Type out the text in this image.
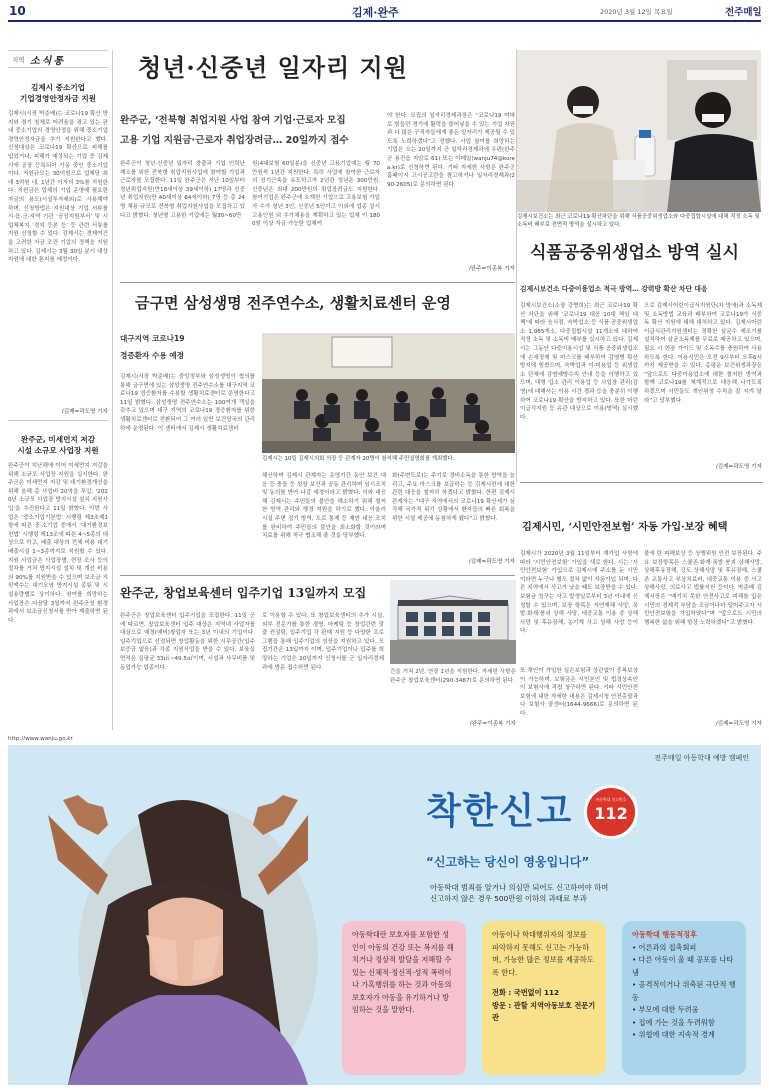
10	김제·완주	2020년 3월 12일 목요일	전주매일
지역 소식통
김제시 중소기업
기업경영안정자금 지원
김제시(시장 박준배)는 코로나19 확산 방지와 경기 침체로 어려움을 겪고 있는 관내 중소기업의 경영안정을 위해 중소기업 경영안정자금을 추가 지원한다고 했다. 신청대상은 코로나19 확산으로 피해를 입었거나, 피해가 예상되는 기업 중 김제시에 공장 등록되어 가동 중인 중소기업이다. 지원규모는 30억원으로 업체당 최대 3억원 내, 1년간 이자의 3%를 지원한다. 지원금은 업체의 기업 운영에 필요한 자금의 용도(시설투자제외)로 사용해야 하며, 신청방법은 지원대상 기업 서류를 시·읍·군·지역 기관 ‘공장지원부서’ 및 시업체복지 ‘경지 등본 등’ 등 관련 서류를 지원 신청할 수 있다. 김제시는 경제여건을 고려한 자금 조건 기업의 정책을 지원하고 있다. 김제시는 3월 30일 분기 대상 지원에 대한 통지를 예정이다.
/김제=곽도영 기자
완주군, 미세먼지 저감
시설 소규모 사업장 지원
완주군이 지난해에 이어 미세먼지 저감을 위해 소규모 사업장 지원을 실시한다. 완주군은 미세먼지 저감 및 대기환경개선을 위해 올해 총 사업비 20억을 투입, ‘2020년 소규모 사업장 방지시설 설치 지원사업’을 추진한다고 11일 밝혔다. 이번 사업은 ‘중소기업기본법’ 시행령 제3조제1항에 따른 중·소기업 중에서 ‘대기환경보전법’ 시행령 제13조에 따른 4~5종의 대상으로 하고, 배출 대상의 전체 비용 대기배출시설 1~3종까지로 지원할 수 있다. 지원 사업금은 사업장별, 현장 조사 등의 절차를 거쳐 방지시설 설치 및 개선 비용의 90%를 지원받을 수 있으며 보조금 지원액수는 대기오염 방지시설 종류 및 시설용량별로 상이하다. 참여를 희망하는 사업장은 다음달 3일까지 완주군청 환경과에서 보조금신청서를 받아 제출하면 된다.
http://www.wanju.go.kr
청년·신중년 일자리 지원
완주군, ‘전북형 취업지원 사업 참여 기업·근로자 모집
고용 기업 지원금·근로자 취업장려금… 20일까지 접수
완주군이 청년·신중년 일자리 창출과 기업 인력난 해소를 위한 전북형 취업지원사업에 참여할 기업과 근로자를 모집한다. 11일 완주군은 지난 10일부터 청년취업지원(만18세이상 39세이하) 17명과 신중년 취업지원(만 40세이상 64세이하) 7명 등 총 24명 채용 규모로 전북형 취업지원사업을 모집하고 있다고 밝혔다. 청년형 고용한 기업에는 월30~60만
원(4대보험 60일분)을 신중년 고용기업에는 월 70만원씩 1년간 지원한다. 특히 사업에 참여한 근로자의 장기근속을 유도하고자 2년간 청년은 300만원, 신중년은 최대 200만원의 취업장려금도 지원한다. 참여기업은 완주군에 소재한 기업으로 고용보험 가입자 수가 청년 3인, 신중년 5인이고 이외에 업종 상시 고용인원 외 추가채용을 계획하고 있는 업체 이 1800원 이상 자금 가능한 업체여
야 한다. 모집의 일자리경제과장은 “코로나19 여파로 힘들던 경기에 활력을 불어넣을 수 있는 기업 지원과 더 많은 구직자들에게 좋은 일자리가 제공될 수 있도록 노력하겠다”고 전했다. 사업 참여를 희망하는 기업은 오는 20일까지 군 일자리경제과에 우편(완주군 용진읍 지암로 61) 또는 이메일(wanju74@korea.kr)로 신청하면 된다. 기타 자세한 사항은 완주군 홈페이지 고시공고란을 참고하거나 일자리경제과(290-2605)로 문의하면 된다.
/완주=이종복 기자
김제시보건소는 최근 코로나19 확산차단을 위해 식품공중위생업소와 다중집합시설에 대해 적정 소독 및 소독비 배부로 전면적 방역을 실시하고 있다.
식품공중위생업소 방역 실시
김제시보건소 다중이용업소 적극 방역… 강력방 확산 차단 대응
김제시보건소(소장 강병희)는 최근 코로나19 확산 차단을 위해 ‘코로나19 대응 10대 책임 대책’에 따라 음식점, 숙박업소 등 식품·공중위생업소 1,985개소, 다중집합시설 11개소에 대하여 적정 소독 및 소독비 배부를 실시하고 있다. 김제시는 그동안 다중이용시설 및 식품·공중위생업소에 손세정제 및 마스크를 배부하여 감염병 확산 방지에 힘썼으며, 숙박업과 이·미용업 등 위생업소 단체에 감염예방수칙 안내 등을 이행하고 있으며, 대형 업소 관리 이용업 등 사업장 관리(감염)에 대해서는 이용 시간 경과 등을 충분히 이행하여 코로나19 확산을 방지하고 있다. 또한 어린이급식지원 등 유관 대상으로 이용(방역) 실시했다.
으로 김제시어린이급식지원단(차 영애)과 소독제 및 소독방법 교육과 배부하여 코로나19가 식중독 확산 지원에 대해 대처하고 있다. 김제시어린이급식관리지원센터는 정확한 살균수 제조기를 설치하여 살균소독제를 무료로 제공하고 있으며, 필요 시 현장 가이드 및 소독수를 충원하여 사용하도록 한다. 이용시민은 오전 9시부터 오후6시까지 제공받을 수 있다. 총평운 보건위생과장은 “앞으로도 다중이용업소에 대한 철저한 방역과 함께 코로나19를 체계적으로 대응해 나가도록 하겠으며 시민들도 개인위생 수칙을 잘 지켜 달라”고 당부했다.
/김제=곽도영 기자
금구면 삼성생명 전주연수소, 생활치료센터 운영
대구지역 코로나19
경증환자 수용 예정
김제시(시장 박준배)는 중앙정부와 삼성생명이 협의를 통해 금구면에 있는 삼성생명 전주연수소를 대구지역 코로나19 경증환자를 수용할 생활치료센터로 운영한다고 11일 밝혔다. 삼성생명 전주연수소는 100여개 객실을 갖추고 있으며 대구 지역의 코로나19 경증환자를 위한 생활치료센터로 전환되어 그 여러 일반 보건당국의 관리하에 운영된다. 이 센터에서 김제시 생활치료센터
김제시는 10일 김제시의회 의장 등 관계자 20명이 참석해 주민설명회를 개최했다.
해산하며 김제시 관계자는 운영기간 동안 보건 대응 등 충돌 등 성장 보건과 공동 관리하며 임시조치 및 동의를 받아 나갈 예정이라고 밝혔다. 이와 대응해 김제시는 주민들의 불안을 해소하기 위해 철저한 방역 관리와 행정 지원을 하기로 했다. 아울러 시설 주변 정기 방역, 도로 통제 등 제반 대응 조치를 완비하여 주민들의 불안을 최소화할 것이라며 치료를 위해 적극 협조해 줄 것을 당부했다.
화(주변도로)는 주기로 경비소독을 통한 방역을 늘리고, 주요 마스크를 보급하는 등 김제시민에 대한 관련 대응을 철저히 하겠다고 밝혔다. 한편 김제시 관계자는 “대구 지역에서의 코로나19 확산세가 심각해 국가적 위기 상황에서 환자들의 빠른 회복을 위한 시설 제공에 동참하게 됐다”고 밝혔다.
/김제=곽도영 기자
김제시민, ‘시민안전보험’ 자동 가입·보장 혜택
김제시가 2020년 3월 11일부터 재가입 사항에 따라 ‘시민안전보험’ 가입을 새로 한다. 시는 ‘시민안전보험’ 가입으로 김제시에 주소를 둔 시민이라면 누구나 별도 절차 없이 자동가입 되며, 다른 지역에서 사고가 났을 때도 보장받을 수 있다. 보험금 청구는 사고 발생일로부터 3년 이내에 신청할 수 있으며, 보장 항목은 자연재해 사망, 폭발·화재·붕괴 상해 사망, 대중교통 이용 중 상해 사망 및 후유장해, 농기계 사고 상해 사망 등이다.
또 개인이 가입한 실손보험과 상관없이 중복보상이 가능하며, 보험금은 시민본인 및 법정상속인이 보험사에 직접 청구하면 된다. 기타 시민안전보험에 대한 자세한 내용은 김제시청 안전총괄과나 보험사 콜센터(1644-9666)로 문의하면 된다.
물에 탄 피해보상 등 상행위원 안전 보장된다. 주요 보장항목은 스쿨존·화재·폭발·붕괴 상해사망, 상해후유장해, 강도 상해사망 및 후유장해, 스쿨존 교통사고 부상치료비, 대중교통 이용 중 사고 상해사망, 의료사고 법률지원 등이다. 박준배 김제시장은 “예기치 못한 안전사고로 피해를 입은 시민의 경제적 부담을 조금이나마 덜어주고자 시민안전보험을 가입하였다”며 “앞으로도 시민의 행복한 삶을 위해 항상 노력하겠다”고 밝혔다.
/김제=곽도영 기자
완주군, 창업보육센터 입주기업 13일까지 모집
완주군은 창업보육센터 입주기업을 모집한다. 11일 군에 따르면, 창업보육센터 입주 대상은 지역내 사업자를 대상으로 예정(예비)창업자 또는 3년 이내의 기업이다. 입주기업으로 선정되면 창업활동을 위한 시무공간(입주 보증금 없음)과 각종 지원사업을 받을 수 있다. 보육실 면적은 실평균 33㎡~49.5㎡이며, 시설과 사무비품 및 동업가능 업종이다.
로 이용할 수 있다. 또 창업보육센터의 추가 시설, 외부 전문가를 통한 경영, 마케팅 등 창업관련 맞춤 컨설팅, 입주기업 각 판매 지원 등 다양한 프로그램을 통해 입주기업의 성장을 지원하고 있다. 모집기간은 13일까지 이며, 입주기업이나 입주를 희망하는 기업은 20일까지 신청서를 군 일자리경제과에 방문 접수하면 된다.
간을 거쳐 2년, 연장 1년을 지원한다. 자세한 사항은 완주군 창업보육센터(290-3487)로 문의하면 된다.
/완주=이종복 기자
전주매일 아동학대 예방 캠페인
착한신고	아동학대 신고번호
112
“신고하는 당신이 영웅입니다”
아동학대 범죄를 알거나 의심만 되어도 신고하여야 하며
신고하지 않은 경우 500만원 이하의 과태료 부과
아동학대란 보호자를 포함한 성인이 아동의 건강 또는 복지를 해치거나 정상적 발달을 저해할 수 있는 신체적·정신적·성적 폭력이나 가혹행위를 하는 것과 아동의 보호자가 아동을 유기하거나 방임하는 것을 말한다.
아동이나 학대행위자의 정보를 파악하지 못해도 신고는 가능하며, 가능한 많은 정보를 제공하도록 한다.
전화 : 국번없이 112
방문 : 관할 지역아동보호 전문기관
아동학대 행동적징후
• 어른과의 접촉회피
• 다른 아동이 울 때 공포를 나타냄
• 공격적이거나 위축된 극단적 행동
• 부모에 대한 두려움
• 집에 가는 것을 두려워함
• 위협에 대한 지속적 경계
